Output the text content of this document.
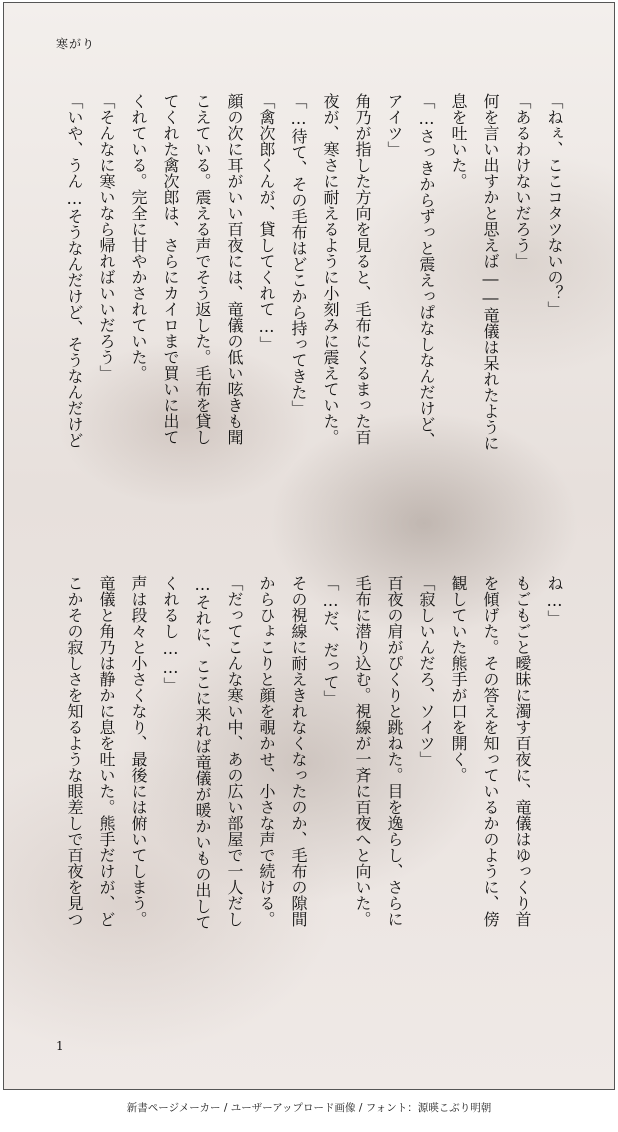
寒がり
「ねぇ、ここコタツないの？」
「あるわけないだろう」
何を言い出すかと思えば――竜儀は呆れたように
息を吐いた。
「…さっきからずっと震えっぱなしなんだけど、
アイツ」
角乃が指した方向を見ると、毛布にくるまった百
夜が、寒さに耐えるように小刻みに震えていた。
「…待て、その毛布はどこから持ってきた」
「禽次郎くんが、貸してくれて…」
顔の次に耳がいい百夜には、竜儀の低い呟きも聞
こえている。震える声でそう返した。毛布を貸し
てくれた禽次郎は、さらにカイロまで買いに出て
くれている。完全に甘やかされていた。
「そんなに寒いなら帰ればいいだろう」
「いや、うん…そうなんだけど、そうなんだけど
ね…」
もごもごと曖昧に濁す百夜に、竜儀はゆっくり首
を傾げた。その答えを知っているかのように、傍
観していた熊手が口を開く。
「寂しいんだろ、ソイツ」
百夜の肩がぴくりと跳ねた。目を逸らし、さらに
毛布に潜り込む。視線が一斉に百夜へと向いた。
「…だ、だって」
その視線に耐えきれなくなったのか、毛布の隙間
からひょこりと顔を覗かせ、小さな声で続ける。
「だってこんな寒い中、あの広い部屋で一人だし
…それに、ここに来れば竜儀が暖かいもの出して
くれるし……」
声は段々と小さくなり、最後には俯いてしまう。
竜儀と角乃は静かに息を吐いた。熊手だけが、ど
こかその寂しさを知るような眼差しで百夜を見つ
1
新書ページメーカー / ユーザーアップロード画像 / フォント：源暎こぶり明朝
